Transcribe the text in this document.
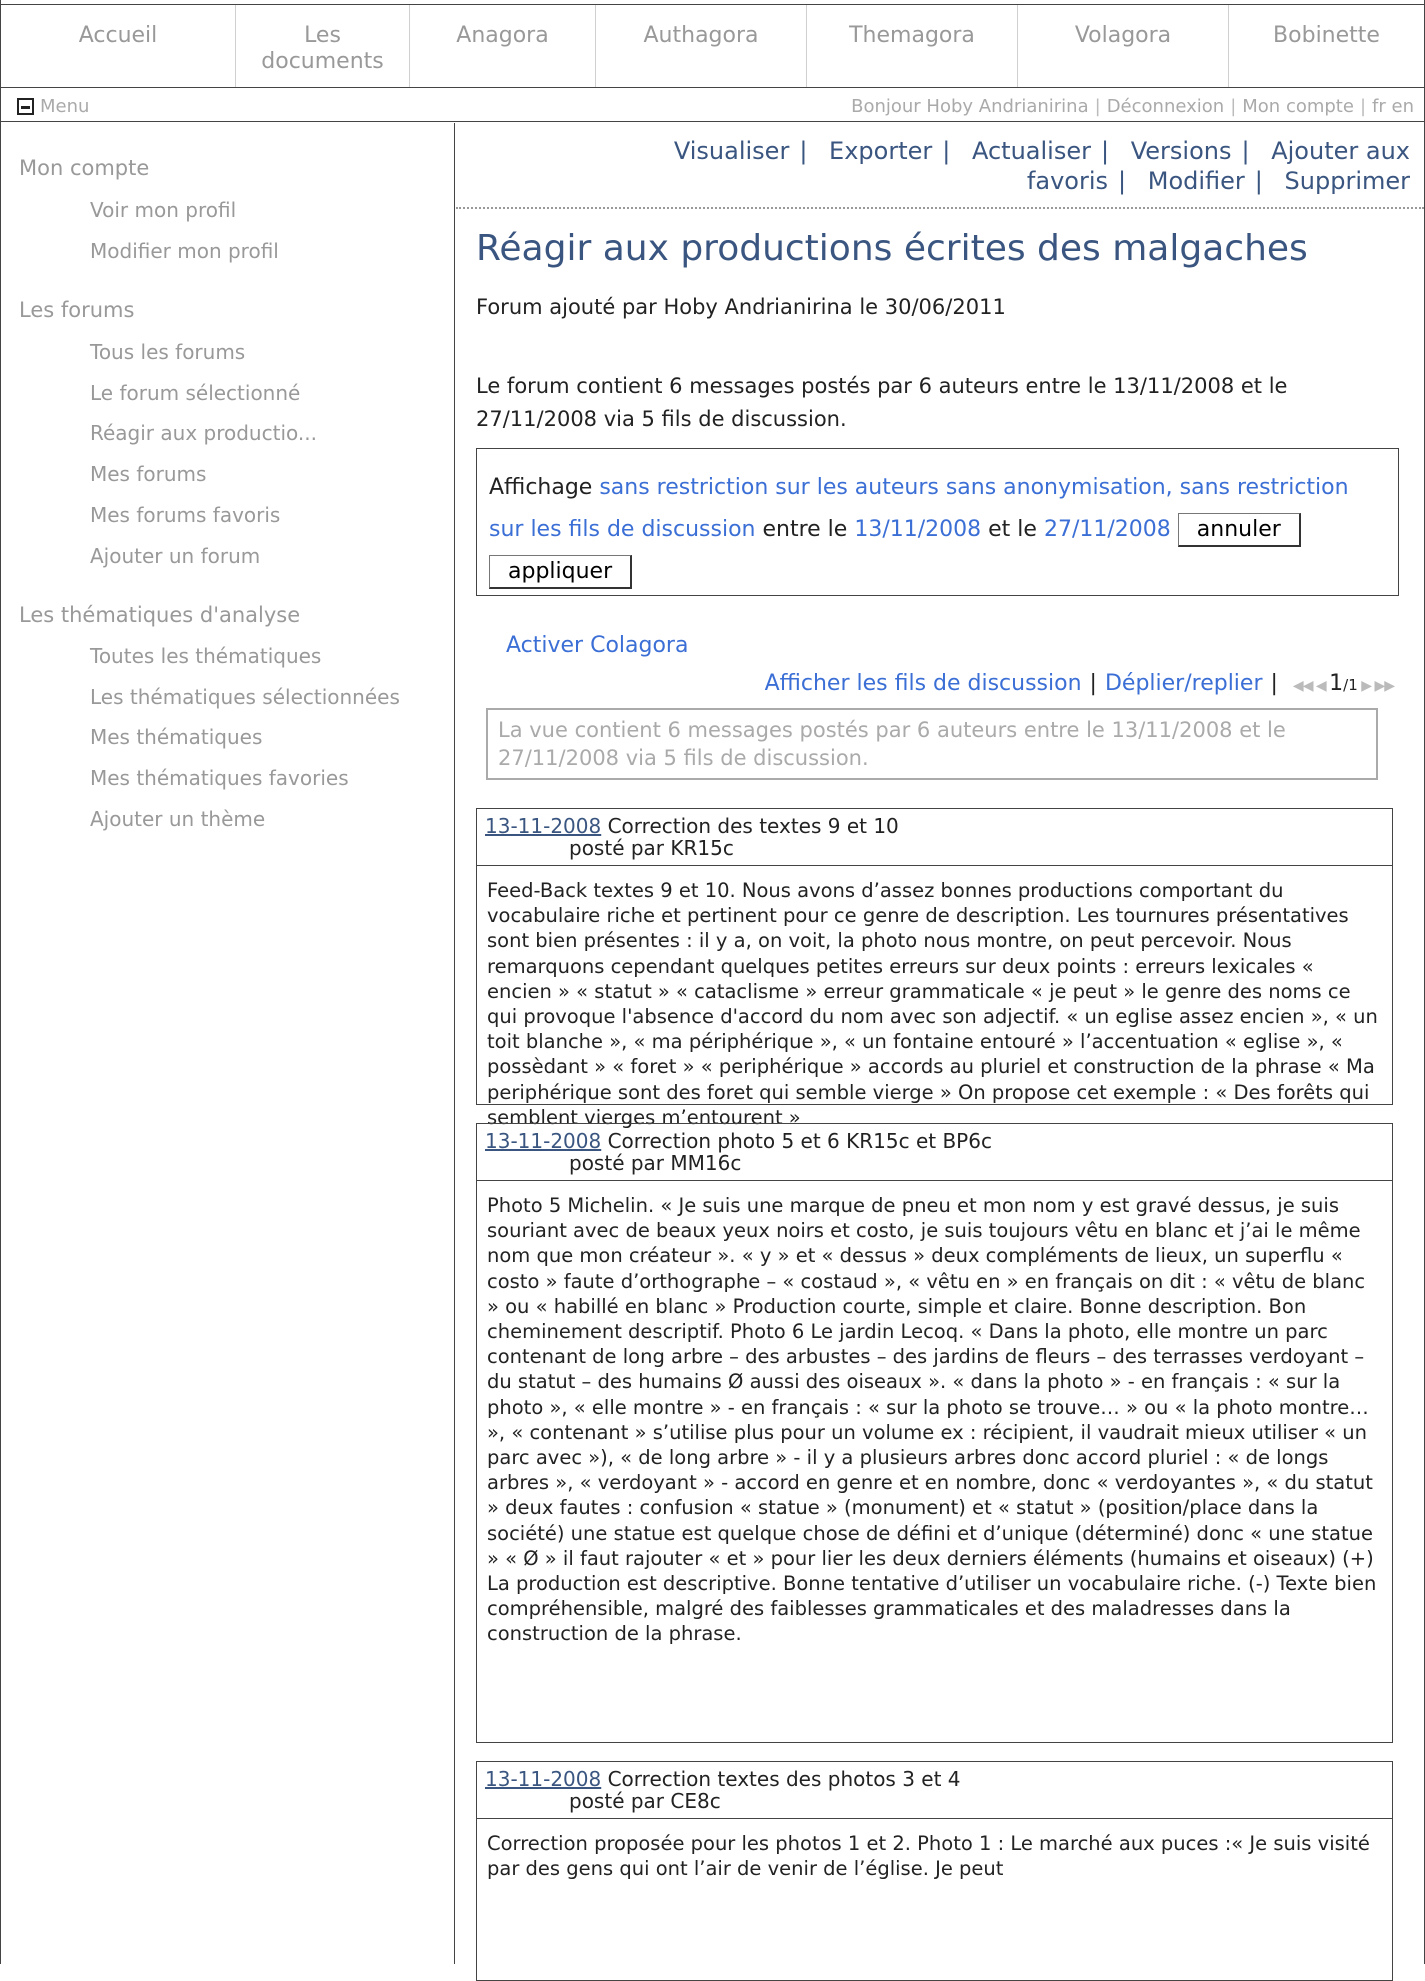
Accueil	Les documents
Anagora	Authagora	Themagora	Volagora	Bobinette
Menu	Bonjour Hoby Andrianirina | Déconnexion | Mon compte | fr en
Mon compte
Voir mon profil
Modifier mon profil
Les forums
Tous les forums
Le forum sélectionné
Réagir aux productio...
Mes forums
Mes forums favoris
Ajouter un forum
Les thématiques d'analyse
Toutes les thématiques
Les thématiques sélectionnées
Mes thématiques
Mes thématiques favories
Ajouter un thème
Visualiser | Exporter | Actualiser | Versions | Ajouter aux
favoris | Modifier | Supprimer
Réagir aux productions écrites des malgaches
Forum ajouté par Hoby Andrianirina le 30/06/2011
Le forum contient 6 messages postés par 6 auteurs entre le 13/11/2008 et le 27/11/2008 via 5 fils de discussion.
Affichage sans restriction sur les auteurs sans anonymisation, sans restriction sur les fils de discussion entre le 13/11/2008 et le 27/11/2008 annuler appliquer
Activer Colagora
Afficher les fils de discussion | Déplier/replier | ◀◀ ◀ 1/1 ▶ ▶▶
La vue contient 6 messages postés par 6 auteurs entre le 13/11/2008 et le 27/11/2008 via 5 fils de discussion.
13-11-2008 Correction des textes 9 et 10
posté par KR15c
Feed-Back textes 9 et 10. Nous avons d’assez bonnes productions comportant du vocabulaire riche et pertinent pour ce genre de description. Les tournures présentatives sont bien présentes : il y a, on voit, la photo nous montre, on peut percevoir. Nous remarquons cependant quelques petites erreurs sur deux points : erreurs lexicales « encien » « statut » « cataclisme » erreur grammaticale « je peut » le genre des noms ce qui provoque l'absence d'accord du nom avec son adjectif. « un eglise assez encien », « un toit blanche », « ma périphérique », « un fontaine entouré » l’accentuation « eglise », « possèdant » « foret » « periphérique » accords au pluriel et construction de la phrase « Ma periphérique sont des foret qui semble vierge » On propose cet exemple : « Des forêts qui semblent vierges m’entourent »
13-11-2008 Correction photo 5 et 6 KR15c et BP6c
posté par MM16c
Photo 5 Michelin. « Je suis une marque de pneu et mon nom y est gravé dessus, je suis souriant avec de beaux yeux noirs et costo, je suis toujours vêtu en blanc et j’ai le même nom que mon créateur ». « y » et « dessus » deux compléments de lieux, un superflu « costo » faute d’orthographe – « costaud », « vêtu en » en français on dit : « vêtu de blanc » ou « habillé en blanc » Production courte, simple et claire. Bonne description. Bon cheminement descriptif. Photo 6 Le jardin Lecoq. « Dans la photo, elle montre un parc contenant de long arbre – des arbustes – des jardins de fleurs – des terrasses verdoyant – du statut – des humains Ø aussi des oiseaux ». « dans la photo » - en français : « sur la photo », « elle montre » - en français : « sur la photo se trouve… » ou « la photo montre… », « contenant » s’utilise plus pour un volume ex : récipient, il vaudrait mieux utiliser « un parc avec »), « de long arbre » - il y a plusieurs arbres donc accord pluriel : « de longs arbres », « verdoyant » - accord en genre et en nombre, donc « verdoyantes », « du statut » deux fautes : confusion « statue » (monument) et « statut » (position/place dans la société) une statue est quelque chose de défini et d’unique (déterminé) donc « une statue » « Ø » il faut rajouter « et » pour lier les deux derniers éléments (humains et oiseaux) (+) La production est descriptive. Bonne tentative d’utiliser un vocabulaire riche. (-) Texte bien compréhensible, malgré des faiblesses grammaticales et des maladresses dans la construction de la phrase.
13-11-2008 Correction textes des photos 3 et 4
posté par CE8c
Correction proposée pour les photos 1 et 2. Photo 1 : Le marché aux puces :« Je suis visité par des gens qui ont l’air de venir de l’église. Je peut
